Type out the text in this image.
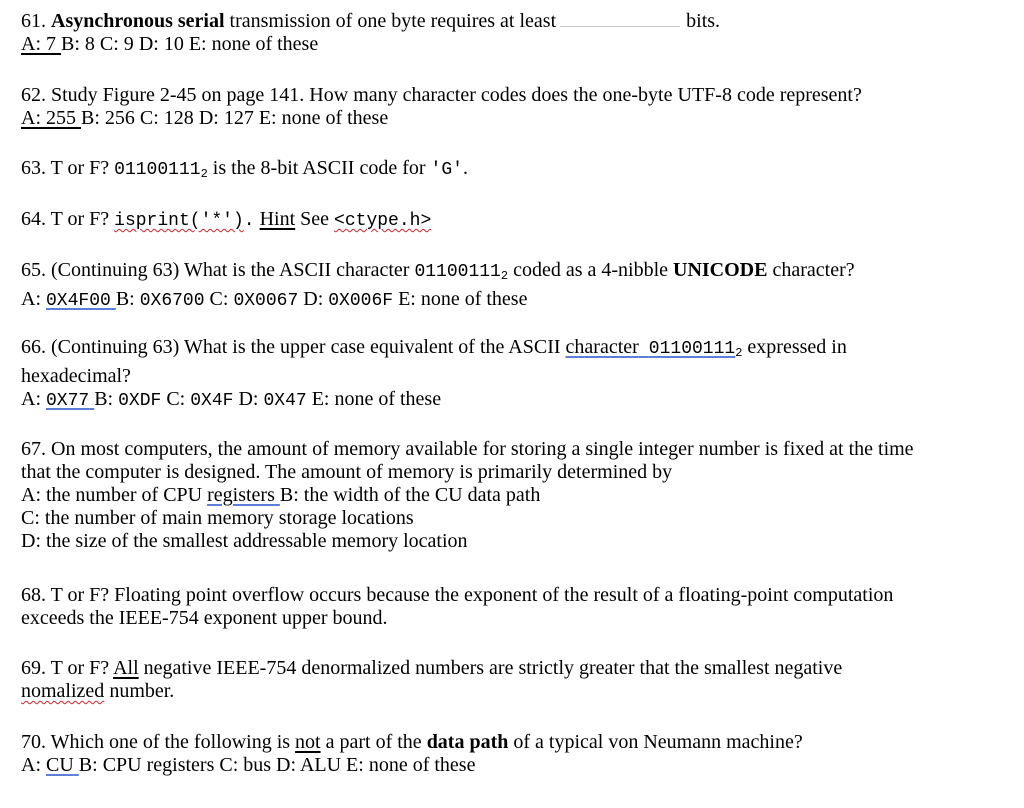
61. Asynchronous serial transmission of one byte requires at least	bits.
A: 7 B: 8 C: 9 D: 10 E: none of these
62. Study Figure 2-45 on page 141. How many character codes does the one-byte UTF-8 code represent?
A: 255 B: 256 C: 128 D: 127 E: none of these
63. T or F? $01100111_2$ is the 8-bit ASCII code for 'G'.
64. T or F? isprint('*'). Hint See <ctype.h>
65. (Continuing 63) What is the ASCII character $01100111_2$ coded as a 4-nibble UNICODE character?
A: 0X4F00 B: 0X6700 C: 0X0067 D: 0X006F E: none of these
66. (Continuing 63) What is the upper case equivalent of the ASCII character $01100111_2$ expressed in
hexadecimal?
A: 0X77 B: 0XDF C: 0X4F D: 0X47 E: none of these
67. On most computers, the amount of memory available for storing a single integer number is fixed at the time
that the computer is designed. The amount of memory is primarily determined by
A: the number of CPU registers B: the width of the CU data path
C: the number of main memory storage locations
D: the size of the smallest addressable memory location
68. T or F? Floating point overflow occurs because the exponent of the result of a floating-point computation
exceeds the IEEE-754 exponent upper bound.
69. T or F? All negative IEEE-754 denormalized numbers are strictly greater that the smallest negative
nomalized number.
70. Which one of the following is not a part of the data path of a typical von Neumann machine?
A: CU B: CPU registers C: bus D: ALU E: none of these
